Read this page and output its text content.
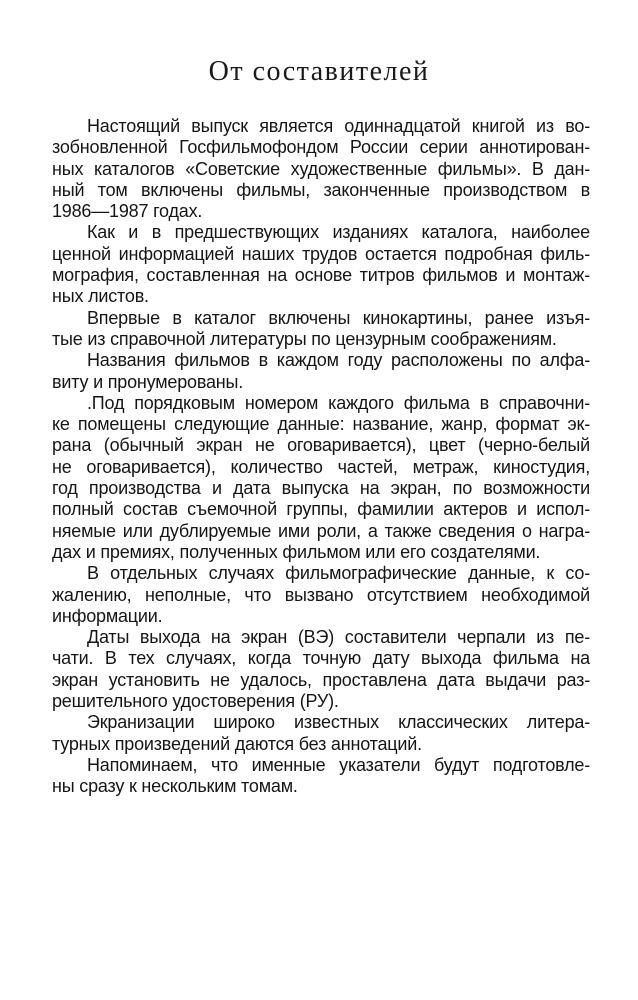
От составителей
Настоящий выпуск является одиннадцатой книгой из во-
зобновленной Госфильмофондом России серии аннотирован-
ных каталогов «Советские художественные фильмы». В дан-
ный том включены фильмы, законченные производством в
1986—1987 годах.
Как и в предшествующих изданиях каталога, наиболее
ценной информацией наших трудов остается подробная филь-
мография, составленная на основе титров фильмов и монтаж-
ных листов.
Впервые в каталог включены кинокартины, ранее изъя-
тые из справочной литературы по цензурным соображениям.
Названия фильмов в каждом году расположены по алфа-
виту и пронумерованы.
.Под порядковым номером каждого фильма в справочни-
ке помещены следующие данные: название, жанр, формат эк-
рана (обычный экран не оговаривается), цвет (черно-белый
не оговаривается), количество частей, метраж, киностудия,
год производства и дата выпуска на экран, по возможности
полный состав съемочной группы, фамилии актеров и испол-
няемые или дублируемые ими роли, а также сведения о награ-
дах и премиях, полученных фильмом или его создателями.
В отдельных случаях фильмографические данные, к со-
жалению, неполные, что вызвано отсутствием необходимой
информации.
Даты выхода на экран (ВЭ) составители черпали из пе-
чати. В тех случаях, когда точную дату выхода фильма на
экран установить не удалось, проставлена дата выдачи раз-
решительного удостоверения (РУ).
Экранизации широко известных классических литера-
турных произведений даются без аннотаций.
Напоминаем, что именные указатели будут подготовле-
ны сразу к нескольким томам.
